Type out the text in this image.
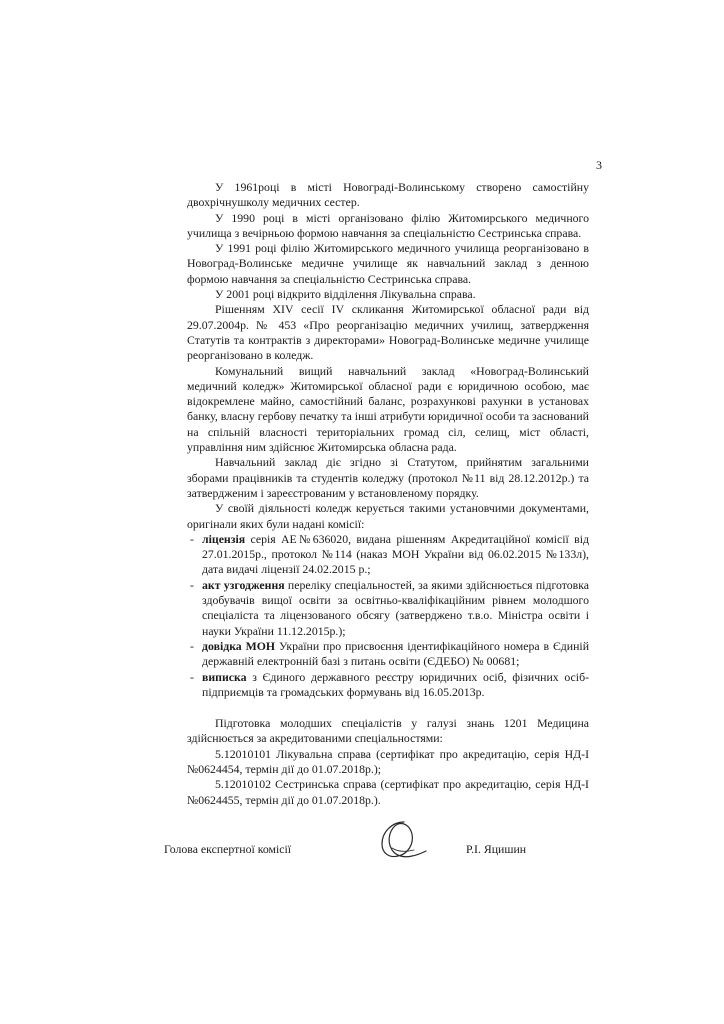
3

У 1961році в місті Новограді-Волинському створено самостійну двохрічнушколу медичних сестер.

У 1990 році в місті організовано філію Житомирського медичного училища з вечірньою формою навчання за спеціальністю Сестринська справа.

У 1991 році філію Житомирського медичного училища реорганізовано в Новоград-Волинське медичне училище як навчальний заклад з денною формою навчання за спеціальністю Сестринська справа.

У 2001 році відкрито відділення Лікувальна справа.

Рішенням XIV сесії IV скликання Житомирської обласної ради від 29.07.2004р. № 453 «Про реорганізацію медичних училищ, затвердження Статутів та контрактів з директорами» Новоград-Волинське медичне училище реорганізовано в коледж.

Комунальний вищий навчальний заклад «Новоград-Волинський медичний коледж» Житомирської обласної ради є юридичною особою, має відокремлене майно, самостійний баланс, розрахункові рахунки в установах банку, власну гербову печатку та інші атрибути юридичної особи та заснований на спільній власності територіальних громад сіл, селищ, міст області, управління ним здійснює Житомирська обласна рада.

Навчальний заклад діє згідно зі Статутом, прийнятим загальними зборами працівників та студентів коледжу (протокол №11 від 28.12.2012р.) та затвердженим і зареєстрованим у встановленому порядку.

У своїй діяльності коледж керується такими установчими документами, оригінали яких були надані комісії:

- ліцензія серія АЕ№636020, видана рішенням Акредитаційної комісії від 27.01.2015р., протокол №114 (наказ МОН України від 06.02.2015 №133л), дата видачі ліцензії 24.02.2015 р.;
- акт узгодження переліку спеціальностей, за якими здійснюється підготовка здобувачів вищої освіти за освітньо-кваліфікаційним рівнем молодшого спеціаліста та ліцензованого обсягу (затверджено т.в.о. Міністра освіти і науки України 11.12.2015р.);
- довідка МОН України про присвоєння ідентифікаційного номера в Єдиній державній електронній базі з питань освіти (ЄДЕБО) № 00681;
- виписка з Єдиного державного реєстру юридичних осіб, фізичних осіб-підприємців та громадських формувань від 16.05.2013р.

Підготовка молодших спеціалістів у галузі знань 1201 Медицина здійснюється за акредитованими спеціальностями:

5.12010101 Лікувальна справа (сертифікат про акредитацію, серія НД-І №0624454, термін дії до 01.07.2018р.);

5.12010102 Сестринська справа (сертифікат про акредитацію, серія НД-І №0624455, термін дії до 01.07.2018р.).

Голова експертної комісії	Р.І. Яцишин
